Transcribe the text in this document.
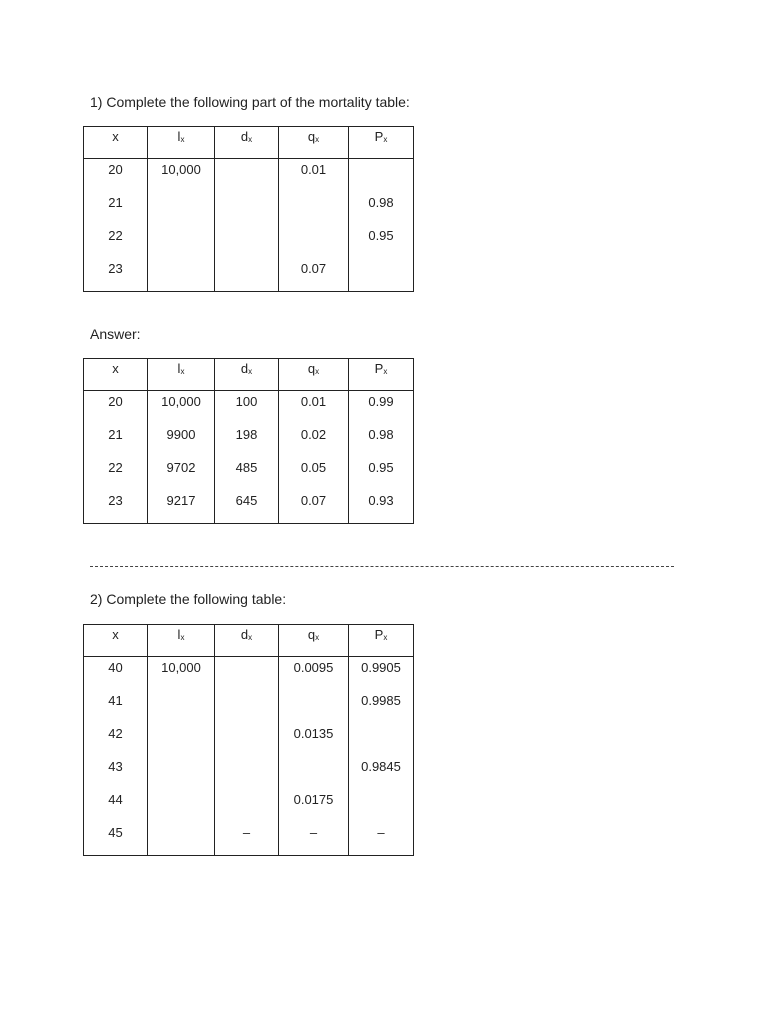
1) Complete the following part of the mortality table:
x	$l_x$	$d_x$	$q_x$	$P_x$
20	10,000		0.01	
21				0.98
22				0.95
23			0.07	
Answer:
x	$l_x$	$d_x$	$q_x$	$P_x$
20	10,000	100	0.01	0.99
21	9900	198	0.02	0.98
22	9702	485	0.05	0.95
23	9217	645	0.07	0.93
2) Complete the following table:
x	$l_x$	$d_x$	$q_x$	$P_x$
40	10,000		0.0095	0.9905
41				0.9985
42			0.0135	
43				0.9845
44			0.0175	
45		–	–	–
